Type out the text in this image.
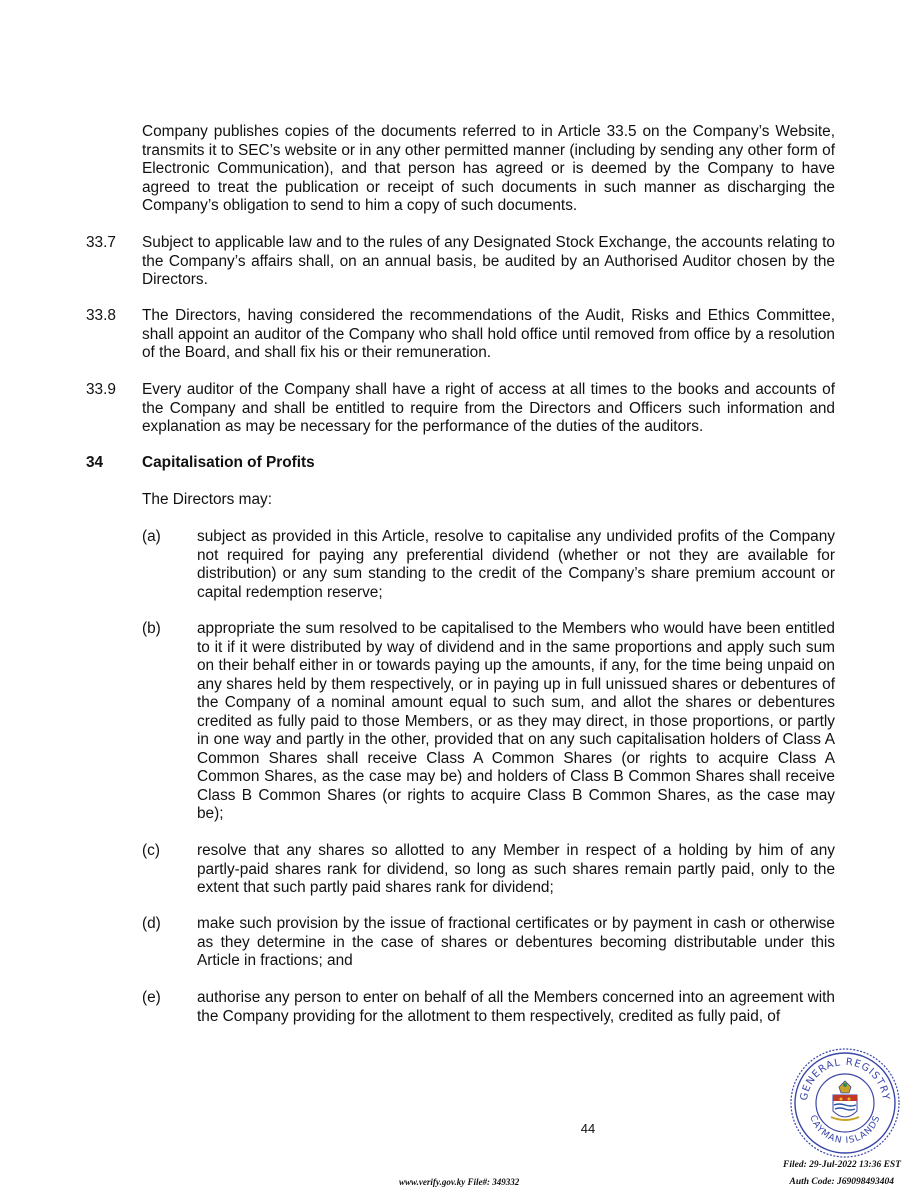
Company publishes copies of the documents referred to in Article 33.5 on the Company’s Website, transmits it to SEC’s website or in any other permitted manner (including by sending any other form of Electronic Communication), and that person has agreed or is deemed by the Company to have agreed to treat the publication or receipt of such documents in such manner as discharging the Company’s obligation to send to him a copy of such documents.

33.7 Subject to applicable law and to the rules of any Designated Stock Exchange, the accounts relating to the Company’s affairs shall, on an annual basis, be audited by an Authorised Auditor chosen by the Directors.

33.8 The Directors, having considered the recommendations of the Audit, Risks and Ethics Committee, shall appoint an auditor of the Company who shall hold office until removed from office by a resolution of the Board, and shall fix his or their remuneration.

33.9 Every auditor of the Company shall have a right of access at all times to the books and accounts of the Company and shall be entitled to require from the Directors and Officers such information and explanation as may be necessary for the performance of the duties of the auditors.

34	Capitalisation of Profits
The Directors may:
(a) subject as provided in this Article, resolve to capitalise any undivided profits of the Company not required for paying any preferential dividend (whether or not they are available for distribution) or any sum standing to the credit of the Company’s share premium account or capital redemption reserve;

(b) appropriate the sum resolved to be capitalised to the Members who would have been entitled to it if it were distributed by way of dividend and in the same proportions and apply such sum on their behalf either in or towards paying up the amounts, if any, for the time being unpaid on any shares held by them respectively, or in paying up in full unissued shares or debentures of the Company of a nominal amount equal to such sum, and allot the shares or debentures credited as fully paid to those Members, or as they may direct, in those proportions, or partly in one way and partly in the other, provided that on any such capitalisation holders of Class A Common Shares shall receive Class A Common Shares (or rights to acquire Class A Common Shares, as the case may be) and holders of Class B Common Shares shall receive Class B Common Shares (or rights to acquire Class B Common Shares, as the case may be);

(c) resolve that any shares so allotted to any Member in respect of a holding by him of any partly-paid shares rank for dividend, so long as such shares remain partly paid, only to the extent that such partly paid shares rank for dividend;

(d) make such provision by the issue of fractional certificates or by payment in cash or otherwise as they determine in the case of shares or debentures becoming distributable under this Article in fractions; and

(e) authorise any person to enter on behalf of all the Members concerned into an agreement with the Company providing for the allotment to them respectively, credited as fully paid, of

44
GENERAL REGISTRY
CAYMAN ISLANDS
www.verify.gov.ky File#: 349332
Filed: 29-Jul-2022 13:36 EST
Auth Code: J69098493404
